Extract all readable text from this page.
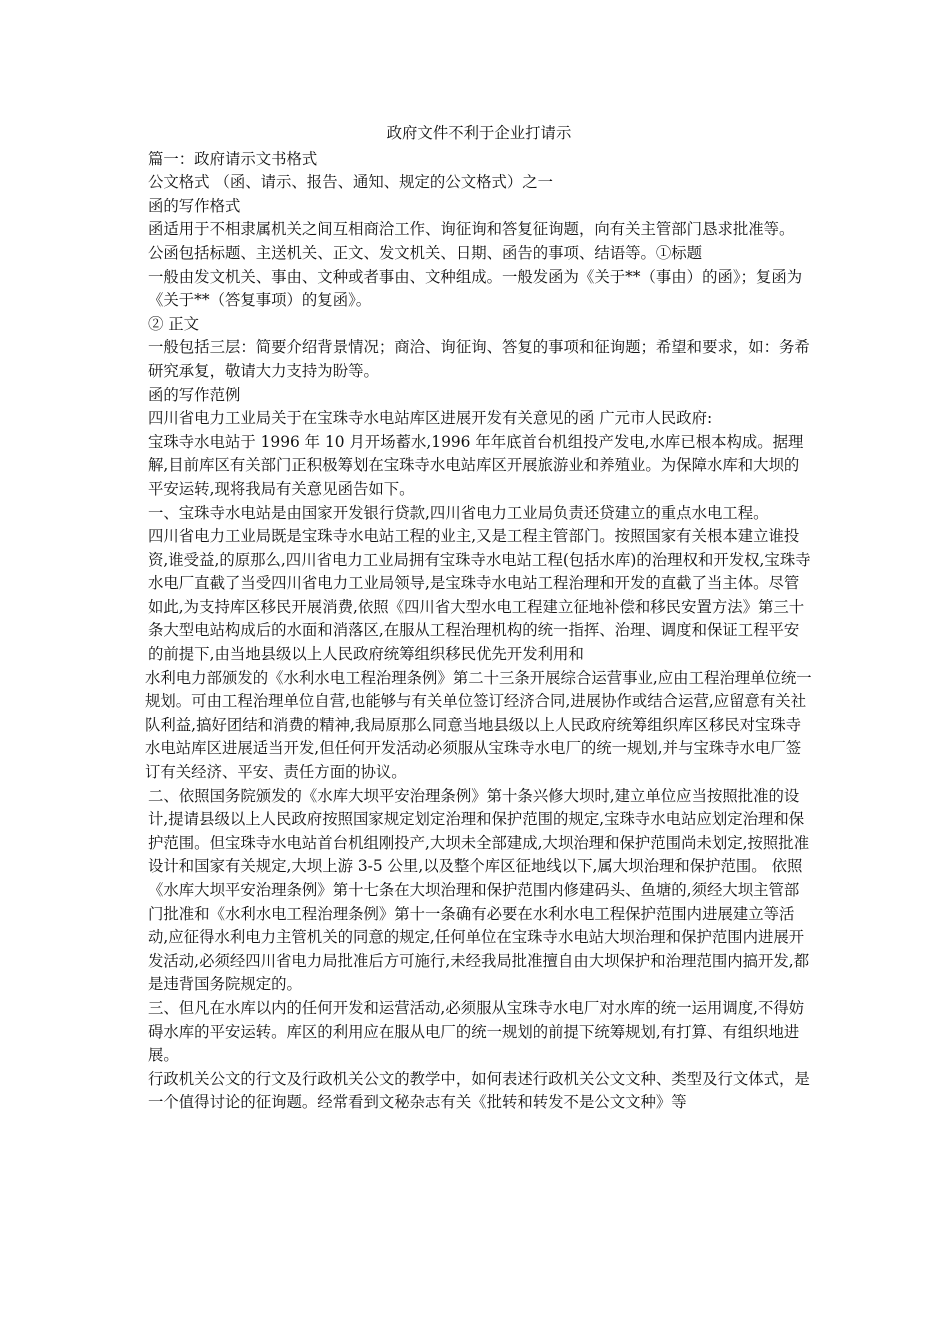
政府文件不利于企业打请示
篇一：政府请示文书格式
公文格式 （函、请示、报告、通知、规定的公文格式）之一
函的写作格式
函适用于不相隶属机关之间互相商洽工作、询征询和答复征询题，向有关主管部门恳求批准等。
公函包括标题、主送机关、正文、发文机关、日期、函告的事项、结语等。①标题
一般由发文机关、事由、文种或者事由、文种组成。一般发函为《关于**（事由）的函》；复函为《关于**（答复事项）的复函》。
② 正文
一般包括三层：简要介绍背景情况；商洽、询征询、答复的事项和征询题；希望和要求，如：务希研究承复，敬请大力支持为盼等。
函的写作范例
四川省电力工业局关于在宝珠寺水电站库区进展开发有关意见的函 广元市人民政府:
宝珠寺水电站于 1996 年 10 月开场蓄水,1996 年年底首台机组投产发电,水库已根本构成。据理解,目前库区有关部门正积极筹划在宝珠寺水电站库区开展旅游业和养殖业。为保障水库和大坝的平安运转,现将我局有关意见函告如下。
一、宝珠寺水电站是由国家开发银行贷款,四川省电力工业局负责还贷建立的重点水电工程。
四川省电力工业局既是宝珠寺水电站工程的业主,又是工程主管部门。按照国家有关根本建立谁投资,谁受益,的原那么,四川省电力工业局拥有宝珠寺水电站工程(包括水库)的治理权和开发权,宝珠寺水电厂直截了当受四川省电力工业局领导,是宝珠寺水电站工程治理和开发的直截了当主体。尽管如此,为支持库区移民开展消费,依照《四川省大型水电工程建立征地补偿和移民安置方法》第三十条大型电站构成后的水面和消落区,在服从工程治理机构的统一指挥、治理、调度和保证工程平安的前提下,由当地县级以上人民政府统筹组织移民优先开发利用和
水利电力部颁发的《水利水电工程治理条例》第二十三条开展综合运营事业,应由工程治理单位统一规划。可由工程治理单位自营,也能够与有关单位签订经济合同,进展协作或结合运营,应留意有关社队利益,搞好团结和消费的精神,我局原那么同意当地县级以上人民政府统筹组织库区移民对宝珠寺水电站库区进展适当开发,但任何开发活动必须服从宝珠寺水电厂的统一规划,并与宝珠寺水电厂签订有关经济、平安、责任方面的协议。
二、依照国务院颁发的《水库大坝平安治理条例》第十条兴修大坝时,建立单位应当按照批准的设计,提请县级以上人民政府按照国家规定划定治理和保护范围的规定,宝珠寺水电站应划定治理和保护范围。但宝珠寺水电站首台机组刚投产,大坝未全部建成,大坝治理和保护范围尚未划定,按照批准设计和国家有关规定,大坝上游 3-5 公里,以及整个库区征地线以下,属大坝治理和保护范围。 依照《水库大坝平安治理条例》第十七条在大坝治理和保护范围内修建码头、鱼塘的,须经大坝主管部门批准和《水利水电工程治理条例》第十一条确有必要在水利水电工程保护范围内进展建立等活动,应征得水利电力主管机关的同意的规定,任何单位在宝珠寺水电站大坝治理和保护范围内进展开发活动,必须经四川省电力局批准后方可施行,未经我局批准擅自由大坝保护和治理范围内搞开发,都是违背国务院规定的。
三、但凡在水库以内的任何开发和运营活动,必须服从宝珠寺水电厂对水库的统一运用调度,不得妨碍水库的平安运转。库区的利用应在服从电厂的统一规划的前提下统筹规划,有打算、有组织地进展。
行政机关公文的行文及行政机关公文的教学中，如何表述行政机关公文文种、类型及行文体式，是一个值得讨论的征询题。经常看到文秘杂志有关《批转和转发不是公文文种》等
